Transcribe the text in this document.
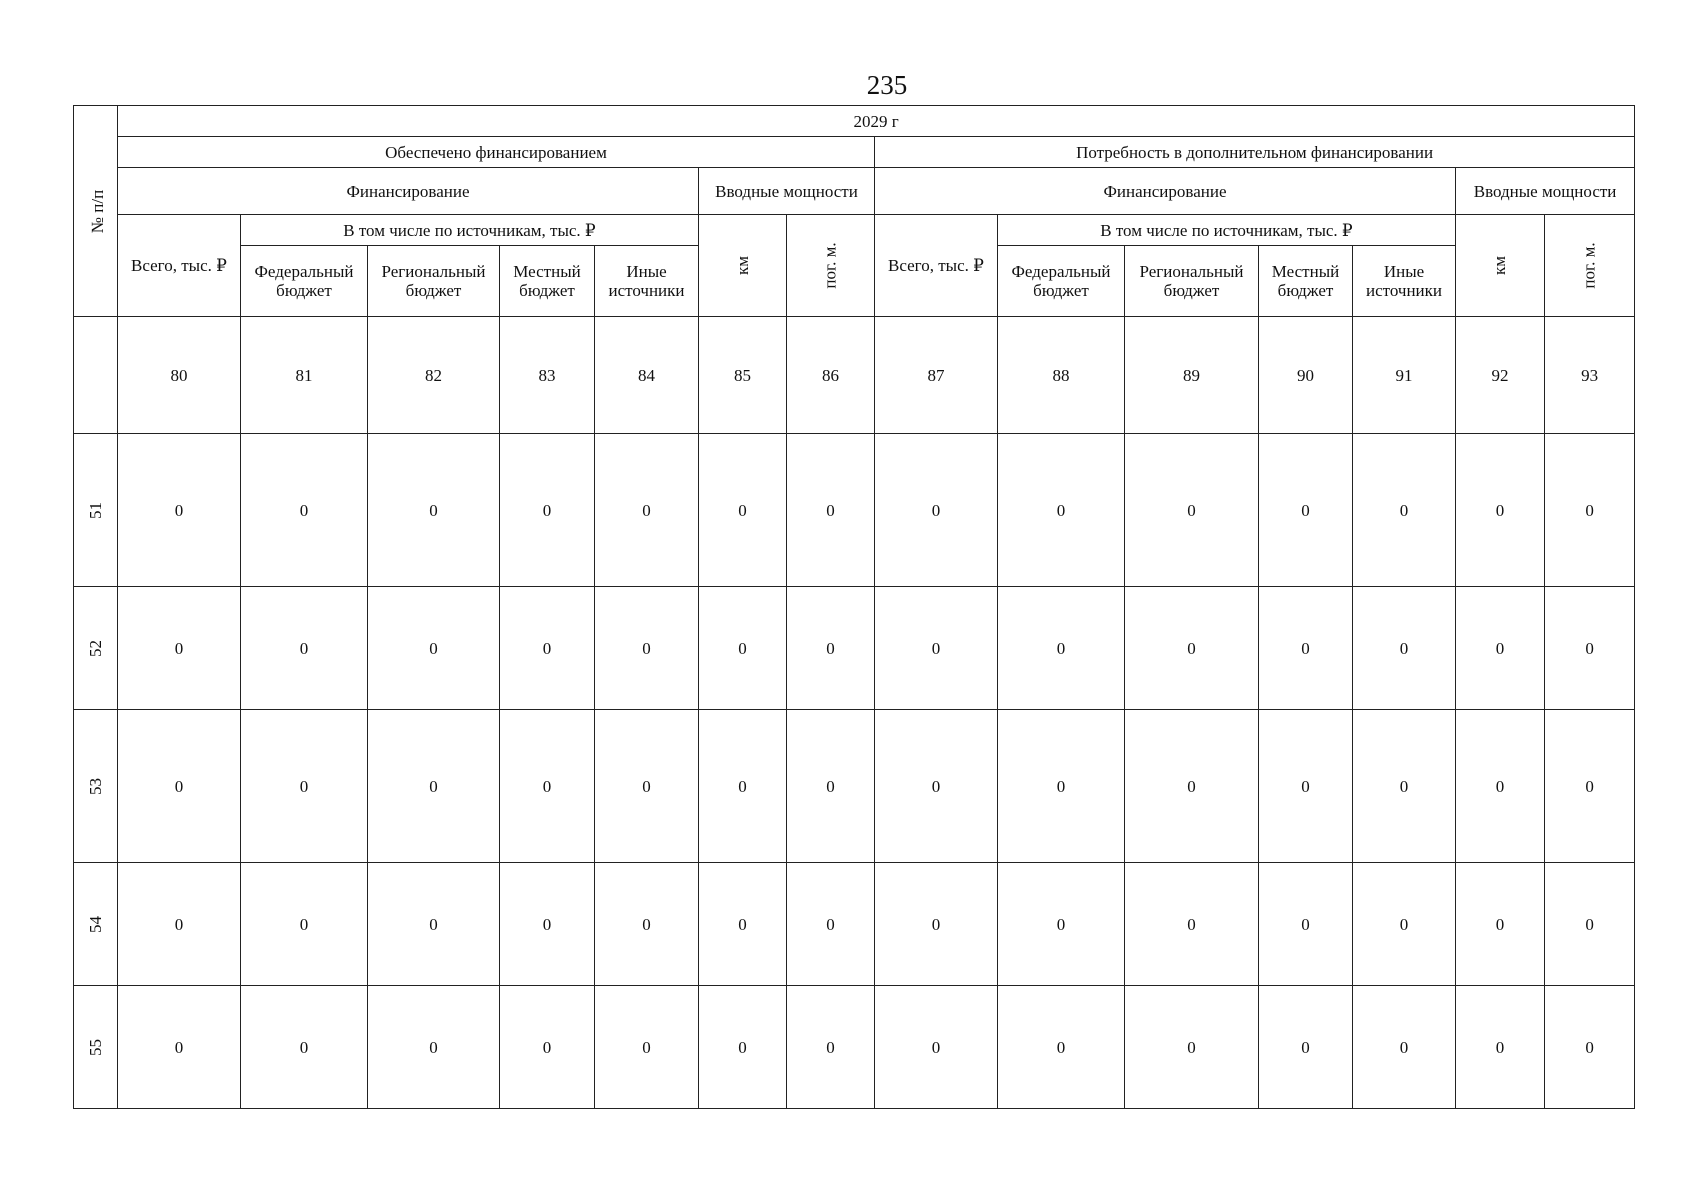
235
№ п/п	2029 г													
	Обеспечено финансированием							Потребность в дополнительном финансировании						
	Финансирование					Вводные мощности		Финансирование					Вводные мощности	
	Всего, тыс. ₽	В том числе по источникам, тыс. ₽				км	пог. м.	Всего, тыс. ₽	В том числе по источникам, тыс. ₽				км	пог. м.
		Федеральный бюджет	Региональный бюджет	Местный бюджет	Иные источники				Федеральный бюджет	Региональный бюджет	Местный бюджет	Иные источники		
	80	81	82	83	84	85	86	87	88	89	90	91	92	93
51	0	0	0	0	0	0	0	0	0	0	0	0	0	0
52	0	0	0	0	0	0	0	0	0	0	0	0	0	0
53	0	0	0	0	0	0	0	0	0	0	0	0	0	0
54	0	0	0	0	0	0	0	0	0	0	0	0	0	0
55	0	0	0	0	0	0	0	0	0	0	0	0	0	0
